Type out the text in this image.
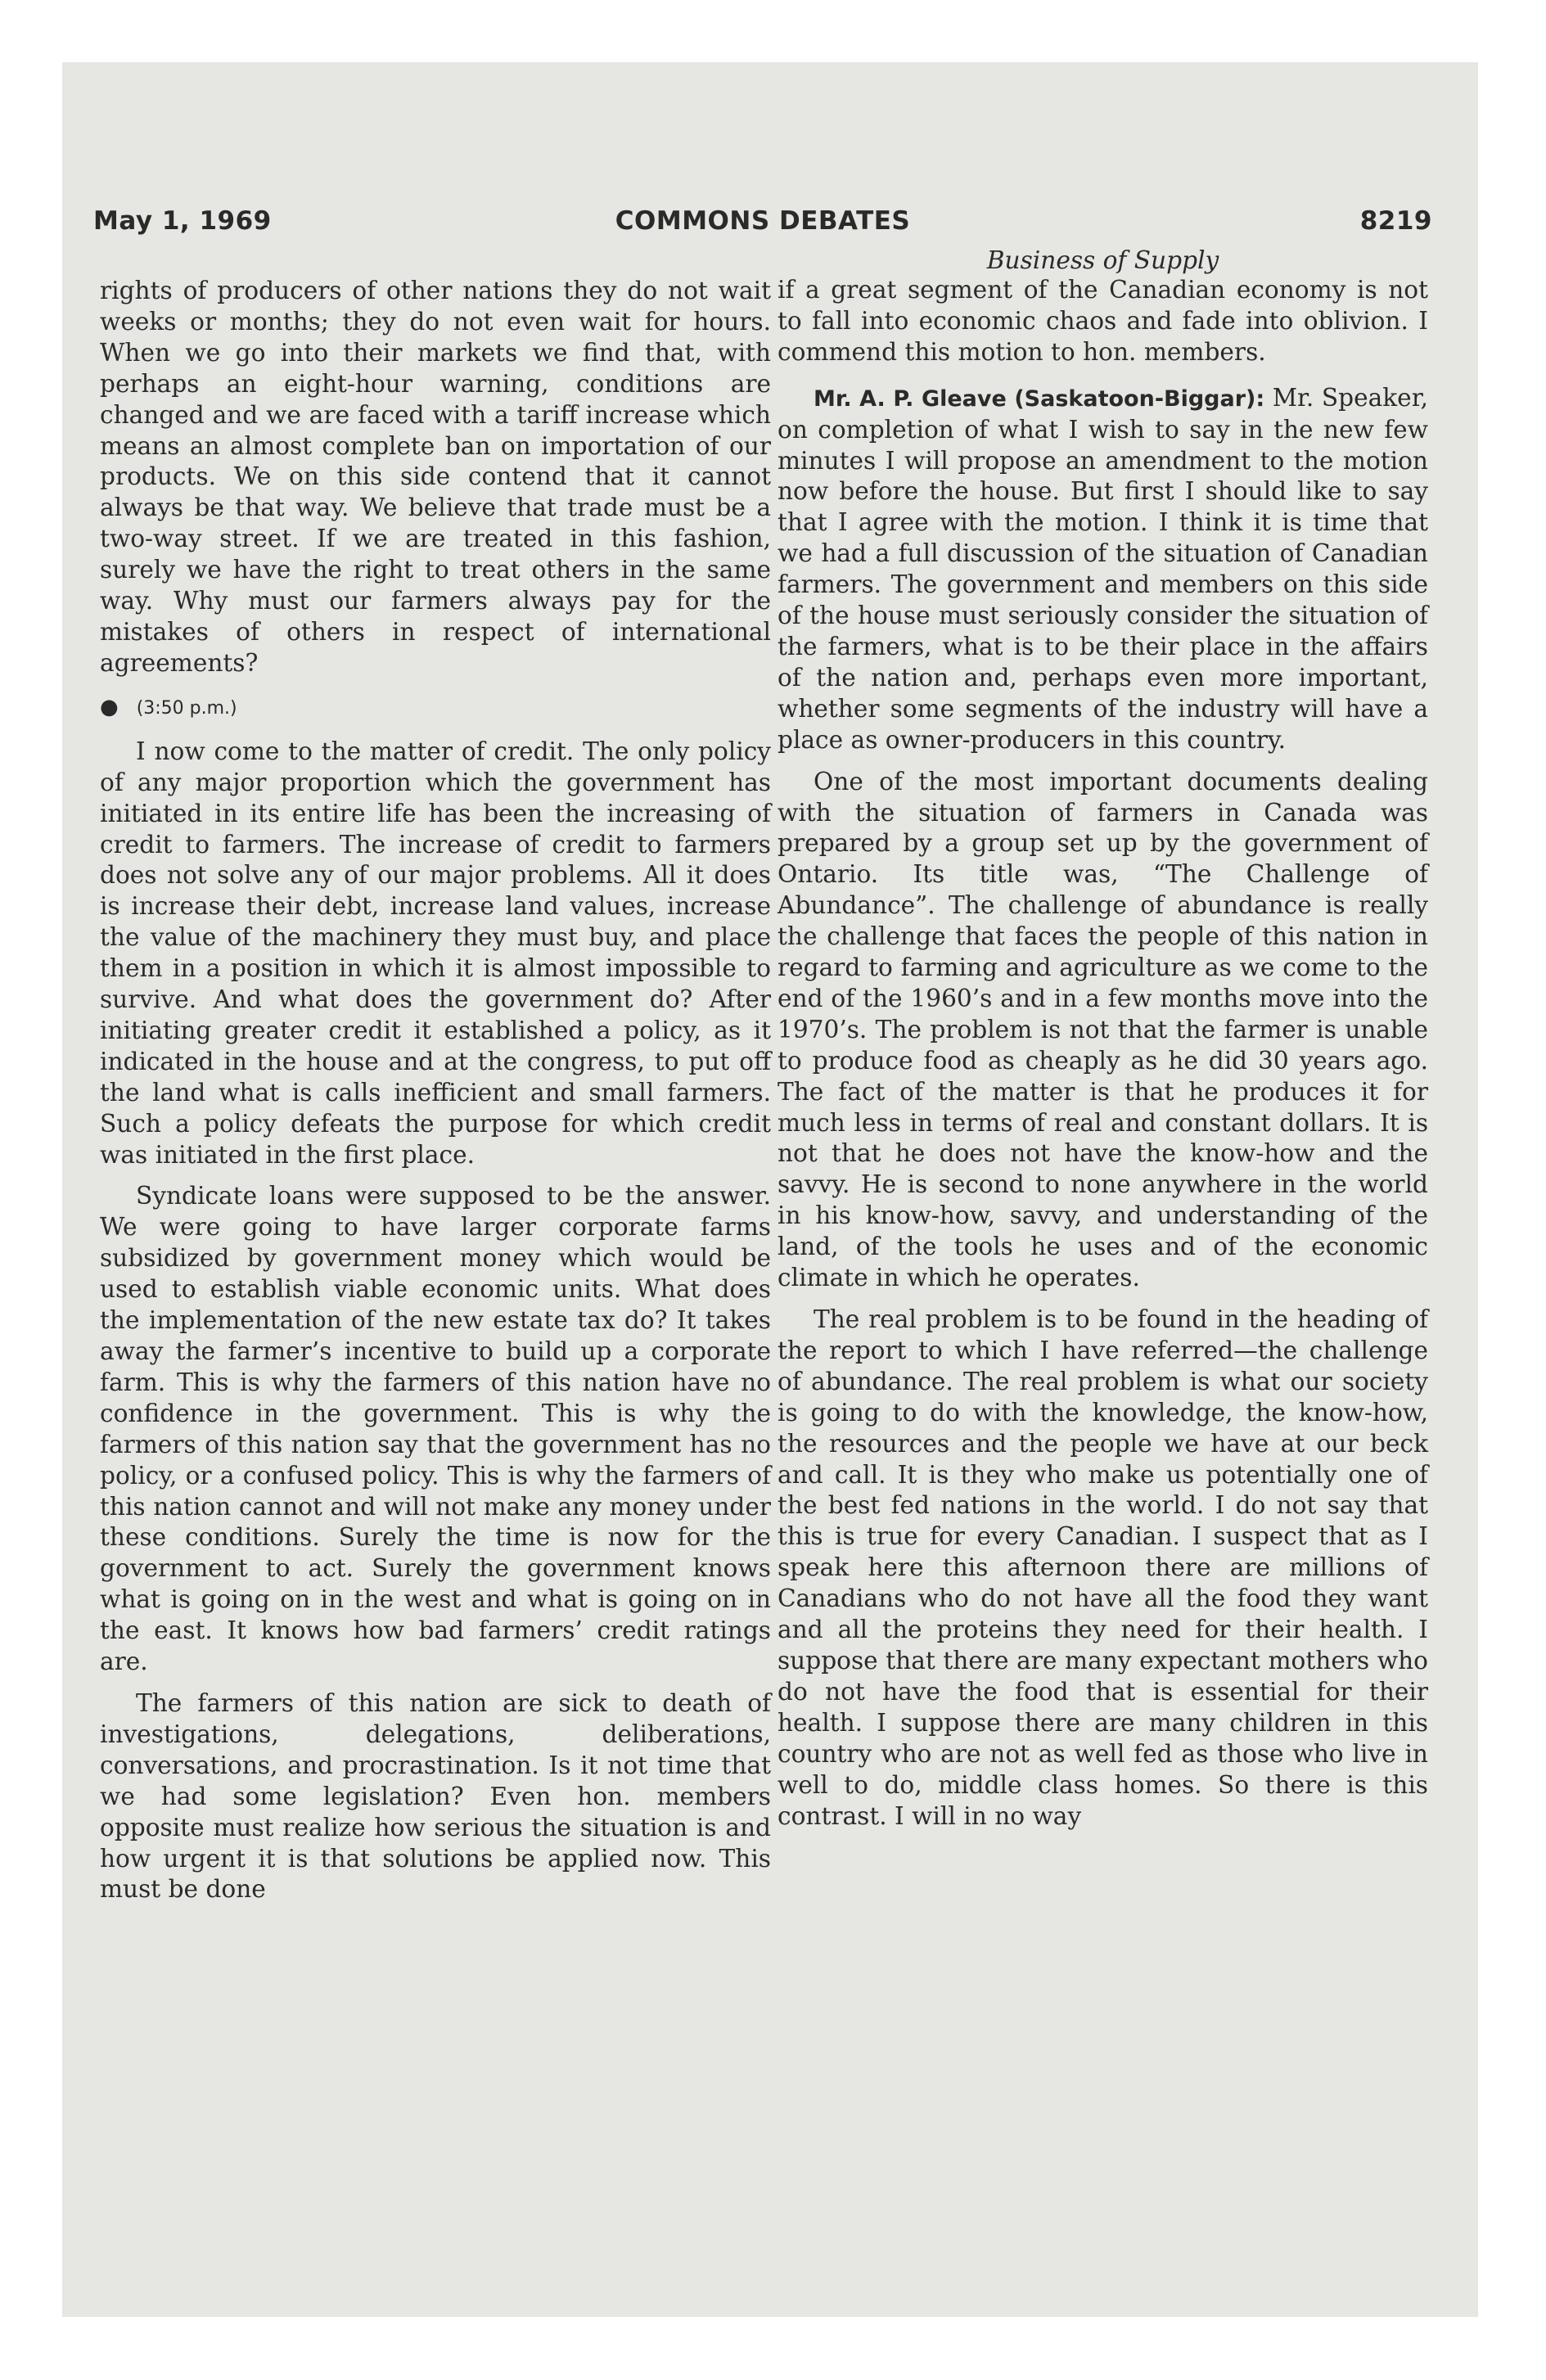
May 1, 1969	COMMONS DEBATES	8219

rights of producers of other nations they do not wait weeks or months; they do not even wait for hours. When we go into their markets we find that, with perhaps an eight-hour warning, conditions are changed and we are faced with a tariff increase which means an almost complete ban on importation of our products. We on this side contend that it cannot always be that way. We believe that trade must be a two-way street. If we are treated in this fashion, surely we have the right to treat others in the same way. Why must our farmers always pay for the mistakes of others in respect of international agreements?

● (3:50 p.m.)

I now come to the matter of credit. The only policy of any major proportion which the government has initiated in its entire life has been the increasing of credit to farmers. The increase of credit to farmers does not solve any of our major problems. All it does is increase their debt, increase land values, increase the value of the machinery they must buy, and place them in a position in which it is almost impossible to survive. And what does the government do? After initiating greater credit it established a policy, as it indicated in the house and at the congress, to put off the land what is calls inefficient and small farmers. Such a policy defeats the purpose for which credit was initiated in the first place.

Syndicate loans were supposed to be the answer. We were going to have larger corporate farms subsidized by government money which would be used to establish viable economic units. What does the implementation of the new estate tax do? It takes away the farmer’s incentive to build up a corporate farm. This is why the farmers of this nation have no confidence in the government. This is why the farmers of this nation say that the government has no policy, or a confused policy. This is why the farmers of this nation cannot and will not make any money under these conditions. Surely the time is now for the government to act. Surely the government knows what is going on in the west and what is going on in the east. It knows how bad farmers’ credit ratings are.

The farmers of this nation are sick to death of investigations, delegations, deliberations, conversations, and procrastination. Is it not time that we had some legislation? Even hon. members opposite must realize how serious the situation is and how urgent it is that solutions be applied now. This must be done

Business of Supply

if a great segment of the Canadian economy is not to fall into economic chaos and fade into oblivion. I commend this motion to hon. members.

Mr. A. P. Gleave (Saskatoon-Biggar): Mr. Speaker, on completion of what I wish to say in the new few minutes I will propose an amendment to the motion now before the house. But first I should like to say that I agree with the motion. I think it is time that we had a full discussion of the situation of Canadian farmers. The government and members on this side of the house must seriously consider the situation of the farmers, what is to be their place in the affairs of the nation and, perhaps even more important, whether some segments of the industry will have a place as owner-producers in this country.

One of the most important documents dealing with the situation of farmers in Canada was prepared by a group set up by the government of Ontario. Its title was, “The Challenge of Abundance”. The challenge of abundance is really the challenge that faces the people of this nation in regard to farming and agriculture as we come to the end of the 1960’s and in a few months move into the 1970’s. The problem is not that the farmer is unable to produce food as cheaply as he did 30 years ago. The fact of the matter is that he produces it for much less in terms of real and constant dollars. It is not that he does not have the know-how and the savvy. He is second to none anywhere in the world in his know-how, savvy, and understanding of the land, of the tools he uses and of the economic climate in which he operates.

The real problem is to be found in the heading of the report to which I have referred—the challenge of abundance. The real problem is what our society is going to do with the knowledge, the know-how, the resources and the people we have at our beck and call. It is they who make us potentially one of the best fed nations in the world. I do not say that this is true for every Canadian. I suspect that as I speak here this afternoon there are millions of Canadians who do not have all the food they want and all the proteins they need for their health. I suppose that there are many expectant mothers who do not have the food that is essential for their health. I suppose there are many children in this country who are not as well fed as those who live in well to do, middle class homes. So there is this contrast. I will in no way
